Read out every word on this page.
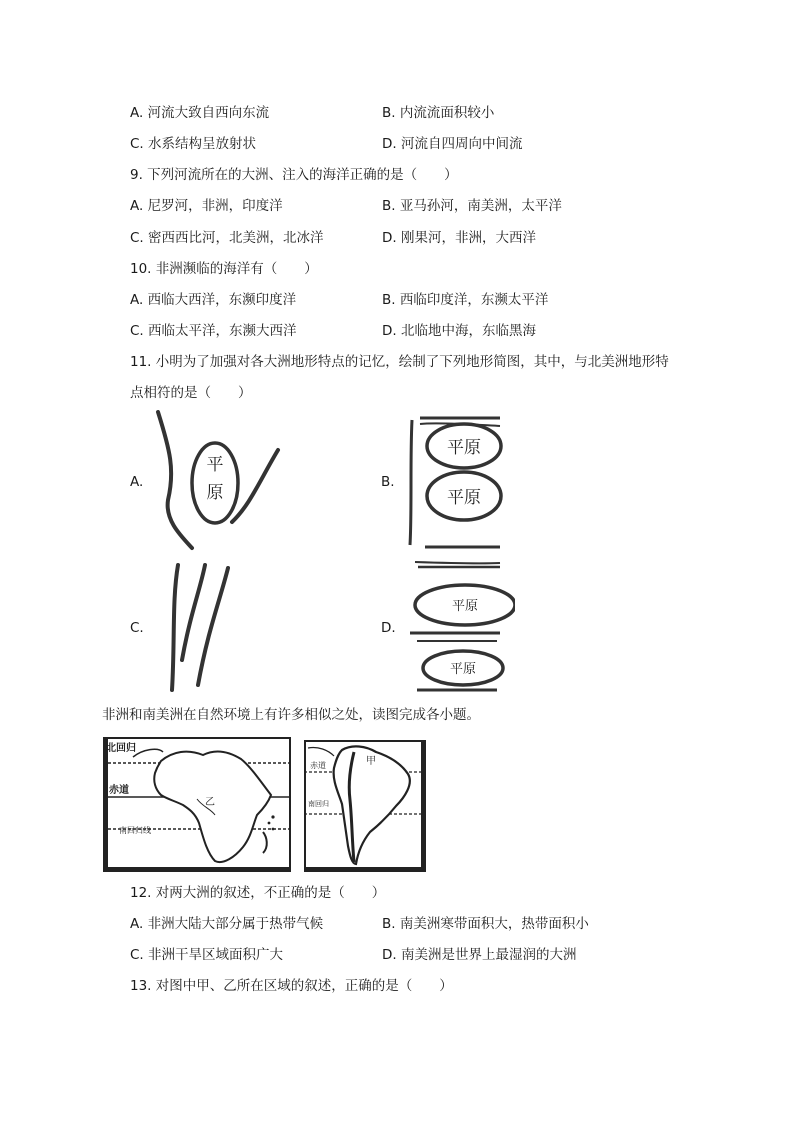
A. 河流大致自西向东流	B. 内流流面积较小
C. 水系结构呈放射状	D. 河流自四周向中间流
9. 下列河流所在的大洲、注入的海洋正确的是（　　）
A. 尼罗河，非洲，印度洋	B. 亚马孙河，南美洲，太平洋
C. 密西西比河，北美洲，北冰洋	D. 刚果河，非洲，大西洋
10. 非洲濒临的海洋有（　　）
A. 西临大西洋，东濒印度洋	B. 西临印度洋，东濒太平洋
C. 西临太平洋，东濒大西洋	D. 北临地中海，东临黑海
11. 小明为了加强对各大洲地形特点的记忆，绘制了下列地形简图，其中，与北美洲地形特
点相符的是（　　）
A.	B.
C.	D.
平
原
平原
平原
平原
平原
非洲和南美洲在自然环境上有许多相似之处，读图完成各小题。
北回归
赤道
南回归线
乙
赤道
南回归
甲
12. 对两大洲的叙述，不正确的是（　　）
A. 非洲大陆大部分属于热带气候	B. 南美洲寒带面积大，热带面积小
C. 非洲干旱区域面积广大	D. 南美洲是世界上最湿润的大洲
13. 对图中甲、乙所在区域的叙述，正确的是（　　）
